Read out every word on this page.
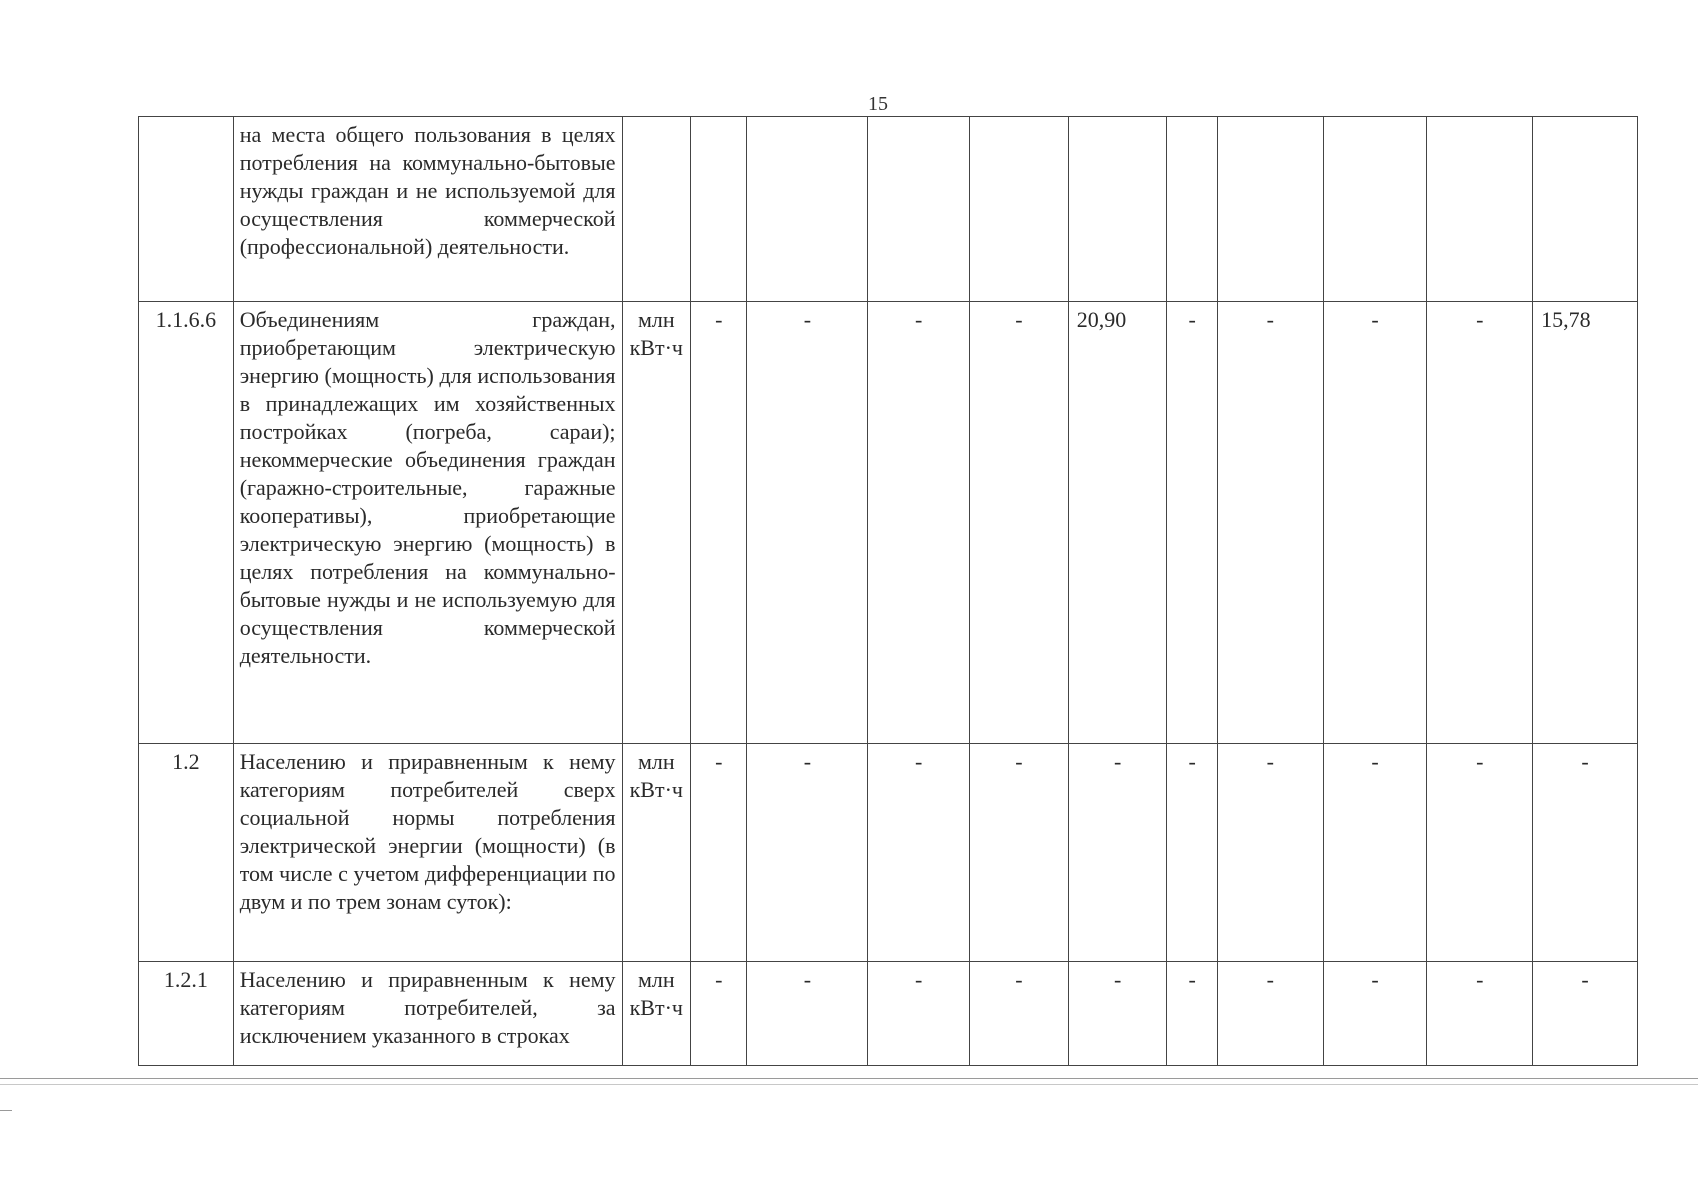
15
	на места общего пользования в целях потребления на коммунально-бытовые нужды граждан и не используемой для осуществления коммерческой (профессиональной) деятельности.											
1.1.6.6	Объединениям граждан, приобретающим электрическую энергию (мощность) для использования в принадлежащих им хозяйственных постройках (погреба, сараи); некоммерческие объединения граждан (гаражно-строительные, гаражные кооперативы), приобретающие электрическую энергию (мощность) в целях потребления на коммунально-бытовые нужды и не используемую для осуществления коммерческой деятельности.	млн кВт·ч	-	-	-	-	20,90	-	-	-	-	15,78
1.2	Населению и приравненным к нему категориям потребителей сверх социальной нормы потребления электрической энергии (мощности) (в том числе с учетом дифференциации по двум и по трем зонам суток):	млн кВт·ч	-	-	-	-	-	-	-	-	-	-
1.2.1	Населению и приравненным к нему категориям потребителей, за исключением указанного в строках	млн кВт·ч	-	-	-	-	-	-	-	-	-	-
